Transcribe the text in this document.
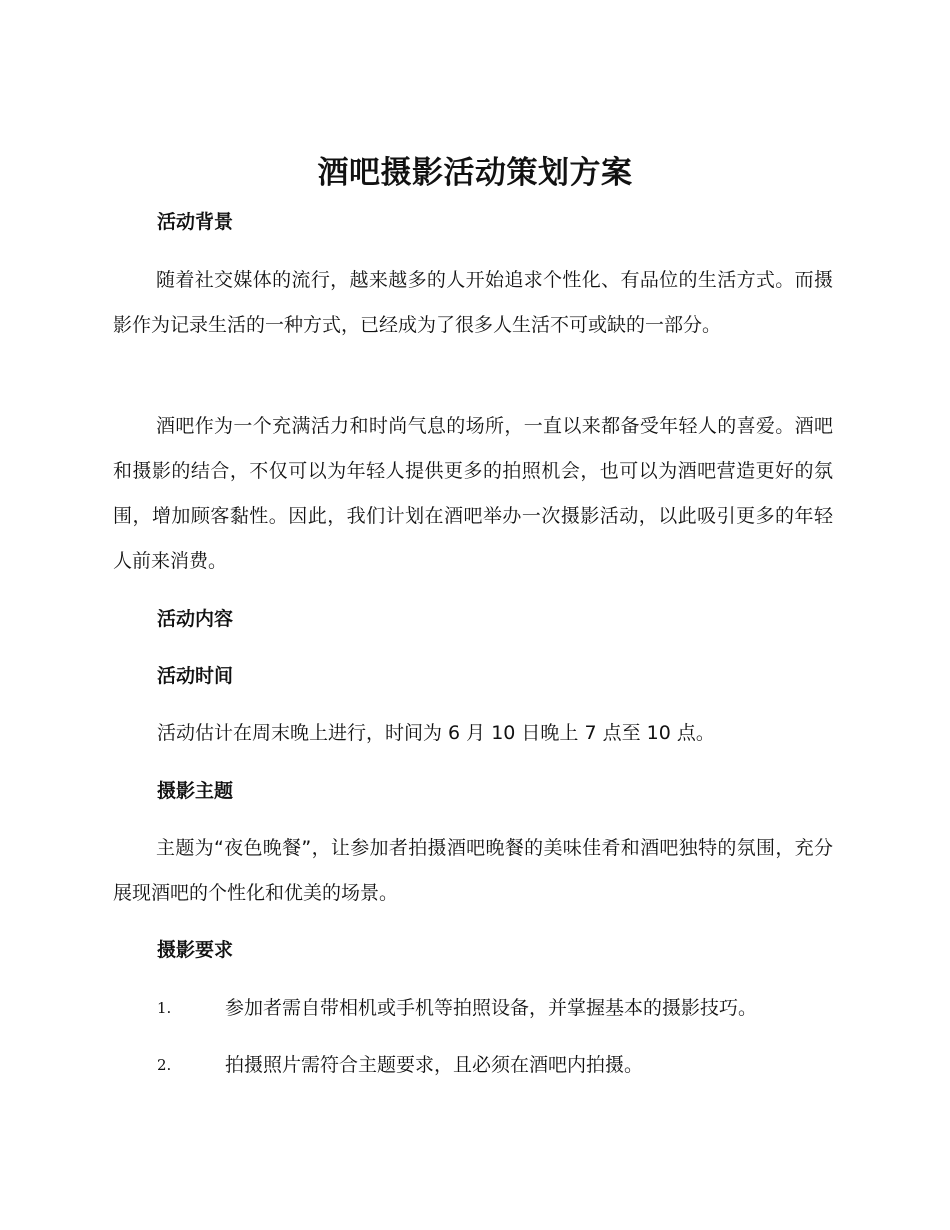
酒吧摄影活动策划方案
活动背景
随着社交媒体的流行，越来越多的人开始追求个性化、有品位的生活方式。而摄影作为记录生活的一种方式，已经成为了很多人生活不可或缺的一部分。
酒吧作为一个充满活力和时尚气息的场所，一直以来都备受年轻人的喜爱。酒吧和摄影的结合，不仅可以为年轻人提供更多的拍照机会，也可以为酒吧营造更好的氛围，增加顾客黏性。因此，我们计划在酒吧举办一次摄影活动，以此吸引更多的年轻人前来消费。
活动内容
活动时间
活动估计在周末晚上进行，时间为 6 月 10 日晚上 7 点至 10 点。
摄影主题
主题为“夜色晚餐”，让参加者拍摄酒吧晚餐的美味佳肴和酒吧独特的氛围，充分展现酒吧的个性化和优美的场景。
摄影要求
1.	参加者需自带相机或手机等拍照设备，并掌握基本的摄影技巧。
2.	拍摄照片需符合主题要求，且必须在酒吧内拍摄。
